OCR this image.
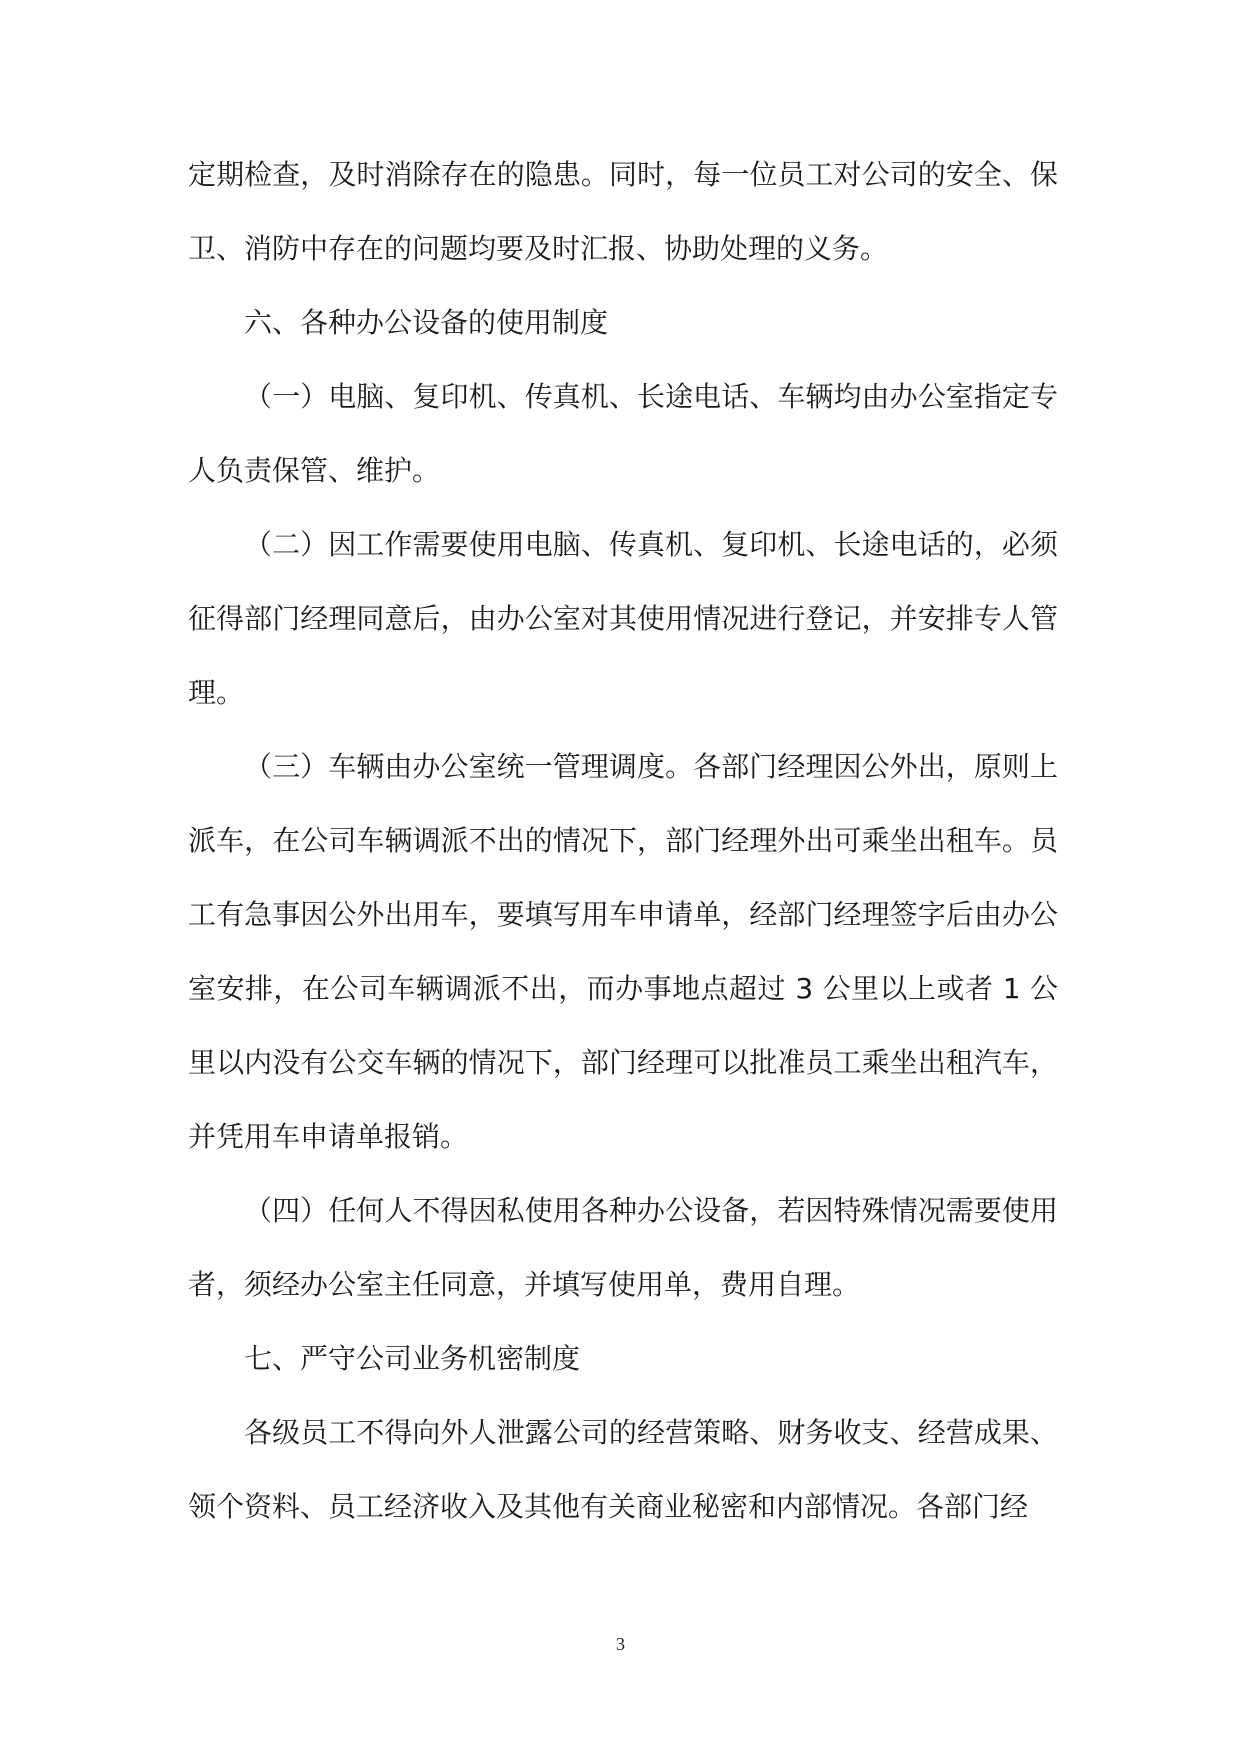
定期检查，及时消除存在的隐患。同时，每一位员工对公司的安全、保卫、消防中存在的问题均要及时汇报、协助处理的义务。

六、各种办公设备的使用制度

（一）电脑、复印机、传真机、长途电话、车辆均由办公室指定专人负责保管、维护。

（二）因工作需要使用电脑、传真机、复印机、长途电话的，必须征得部门经理同意后，由办公室对其使用情况进行登记，并安排专人管理。

（三）车辆由办公室统一管理调度。各部门经理因公外出，原则上派车，在公司车辆调派不出的情况下，部门经理外出可乘坐出租车。员工有急事因公外出用车，要填写用车申请单，经部门经理签字后由办公室安排，在公司车辆调派不出，而办事地点超过 3 公里以上或者 1 公里以内没有公交车辆的情况下，部门经理可以批准员工乘坐出租汽车，并凭用车申请单报销。

（四）任何人不得因私使用各种办公设备，若因特殊情况需要使用者，须经办公室主任同意，并填写使用单，费用自理。

七、严守公司业务机密制度

各级员工不得向外人泄露公司的经营策略、财务收支、经营成果、领个资料、员工经济收入及其他有关商业秘密和内部情况。各部门经

3
